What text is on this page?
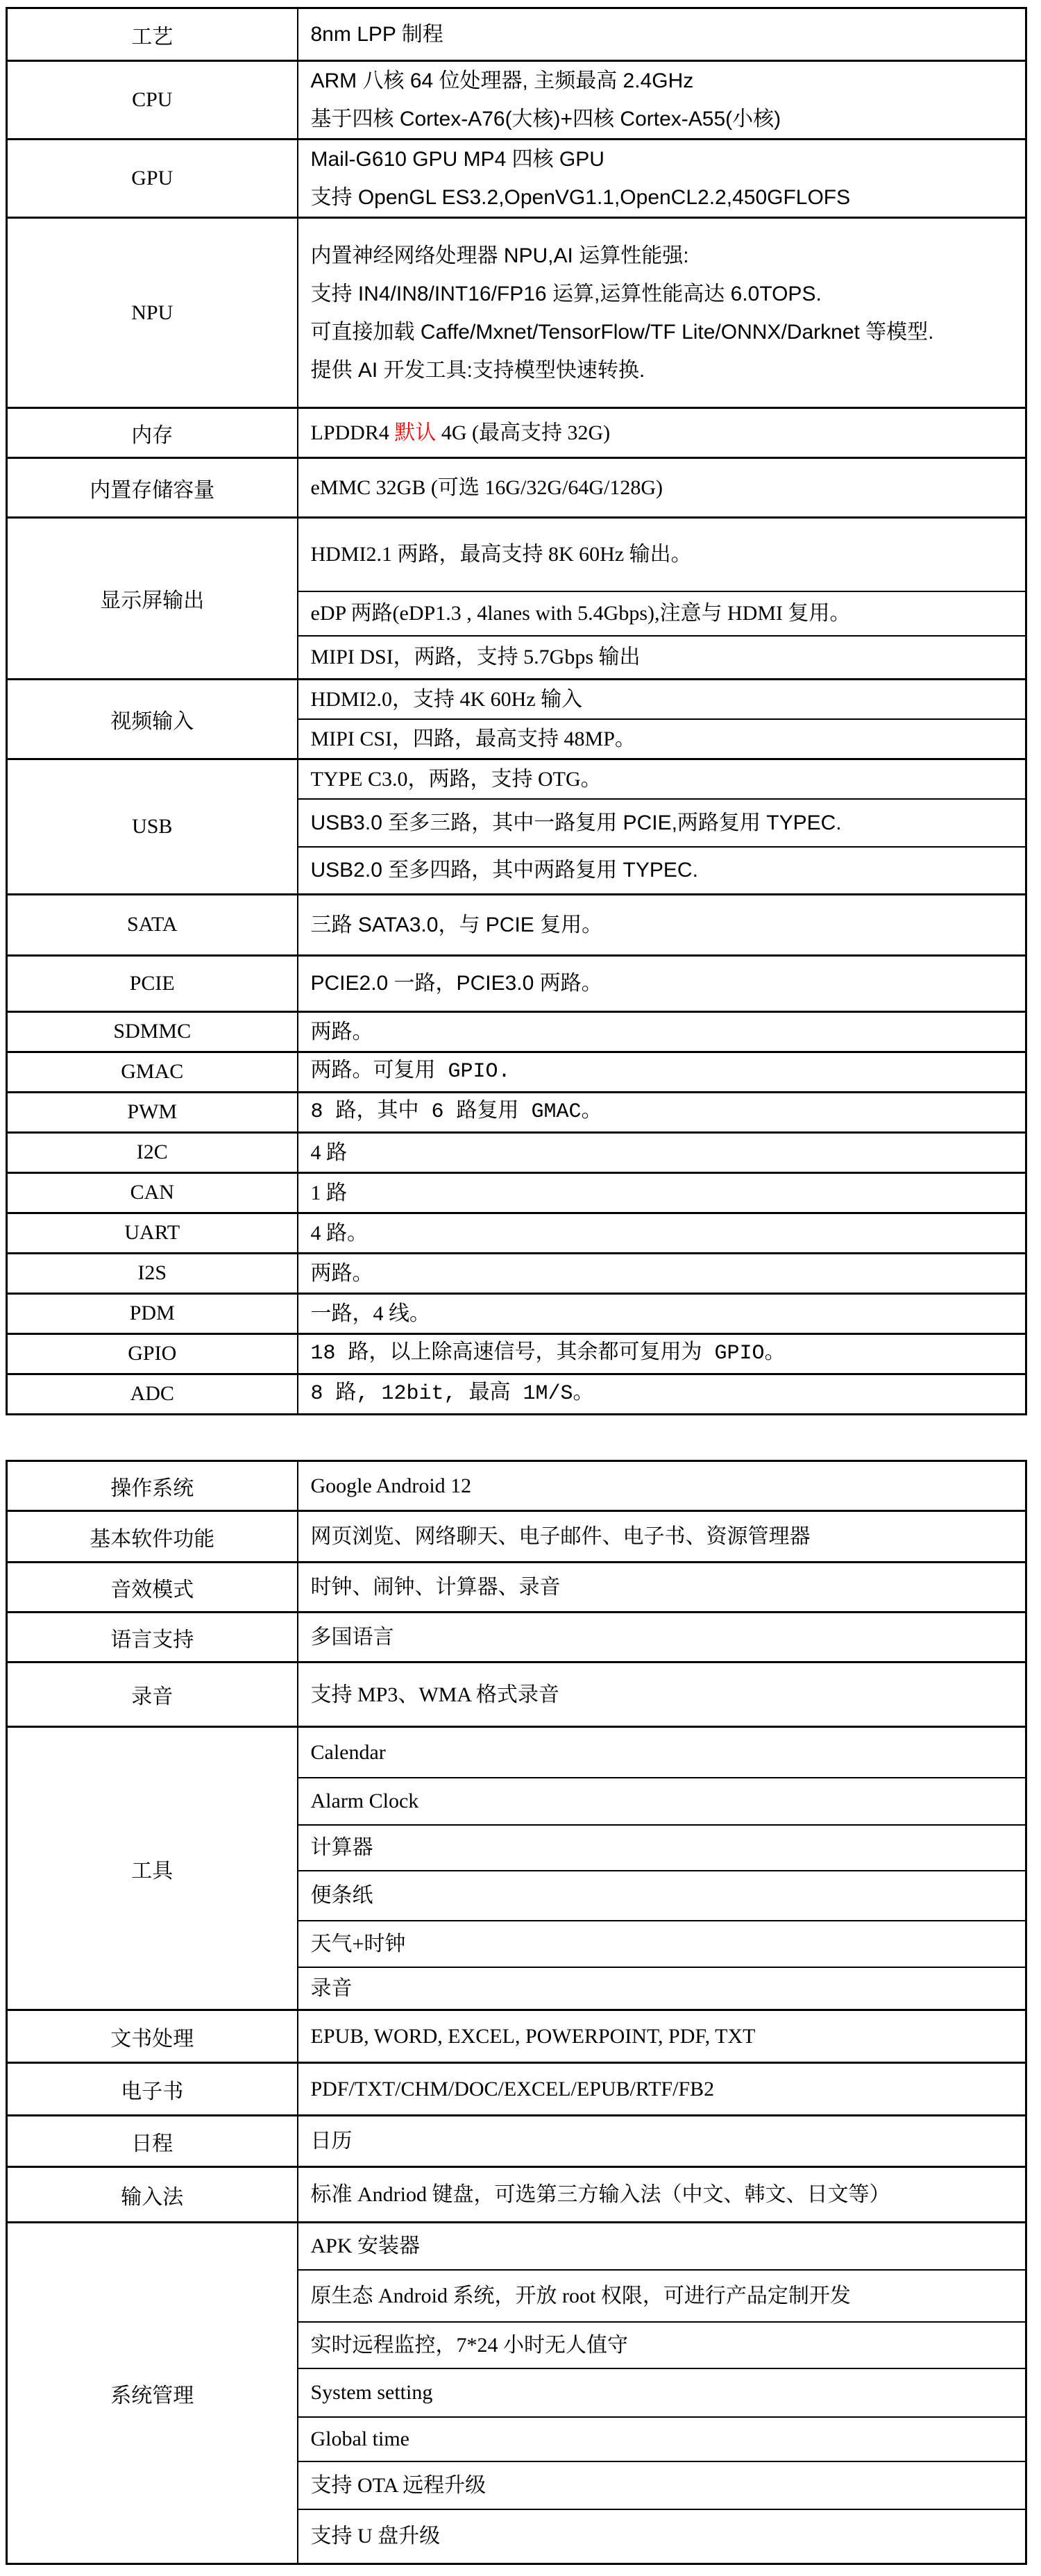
工艺	8nm LPP 制程
CPU	ARM 八核 64 位处理器, 主频最高 2.4GHz
基于四核 Cortex-A76(大核)+四核 Cortex-A55(小核)

GPU	Mail-G610 GPU MP4 四核 GPU
支持 OpenGL ES3.2,OpenVG1.1,OpenCL2.2,450GFLOFS

NPU	内置神经网络处理器 NPU,AI 运算性能强:
支持 IN4/IN8/INT16/FP16 运算,运算性能高达 6.0TOPS.
可直接加载 Caffe/Mxnet/TensorFlow/TF Lite/ONNX/Darknet 等模型.
提供 AI 开发工具:支持模型快速转换.

内存	LPDDR4 默认 4G (最高支持 32G)
内置存储容量	eMMC 32GB (可选 16G/32G/64G/128G)
显示屏输出	HDMI2.1 两路，最高支持 8K 60Hz 输出。
	eDP 两路(eDP1.3 , 4lanes with 5.4Gbps),注意与 HDMI 复用。
	MIPI DSI，两路，支持 5.7Gbps 输出
视频输入	HDMI2.0，支持 4K 60Hz 输入
	MIPI CSI，四路，最高支持 48MP。
USB	TYPE C3.0，两路，支持 OTG。
	USB3.0 至多三路，其中一路复用 PCIE,两路复用 TYPEC.
	USB2.0 至多四路，其中两路复用 TYPEC.
SATA	三路 SATA3.0，与 PCIE 复用。
PCIE	PCIE2.0 一路，PCIE3.0 两路。
SDMMC	两路。
GMAC	两路。可复用 GPIO.
PWM	8 路，其中 6 路复用 GMAC。
I2C	4 路
CAN	1 路
UART	4 路。
I2S	两路。
PDM	一路，4 线。
GPIO	18 路，以上除高速信号，其余都可复用为 GPIO。
ADC	8 路, 12bit, 最高 1M/S。
操作系统	Google Android 12
基本软件功能	网页浏览、网络聊天、电子邮件、电子书、资源管理器
音效模式	时钟、闹钟、计算器、录音
语言支持	多国语言
录音	支持 MP3、WMA 格式录音
工具	Calendar
	Alarm Clock
	计算器
	便条纸
	天气+时钟
	录音
文书处理	EPUB, WORD, EXCEL, POWERPOINT, PDF, TXT
电子书	PDF/TXT/CHM/DOC/EXCEL/EPUB/RTF/FB2
日程	日历
输入法	标准 Andriod 键盘，可选第三方输入法（中文、韩文、日文等）
系统管理	APK 安装器
	原生态 Android 系统，开放 root 权限，可进行产品定制开发
	实时远程监控，7*24 小时无人值守
	System setting
	Global time
	支持 OTA 远程升级
	支持 U 盘升级
